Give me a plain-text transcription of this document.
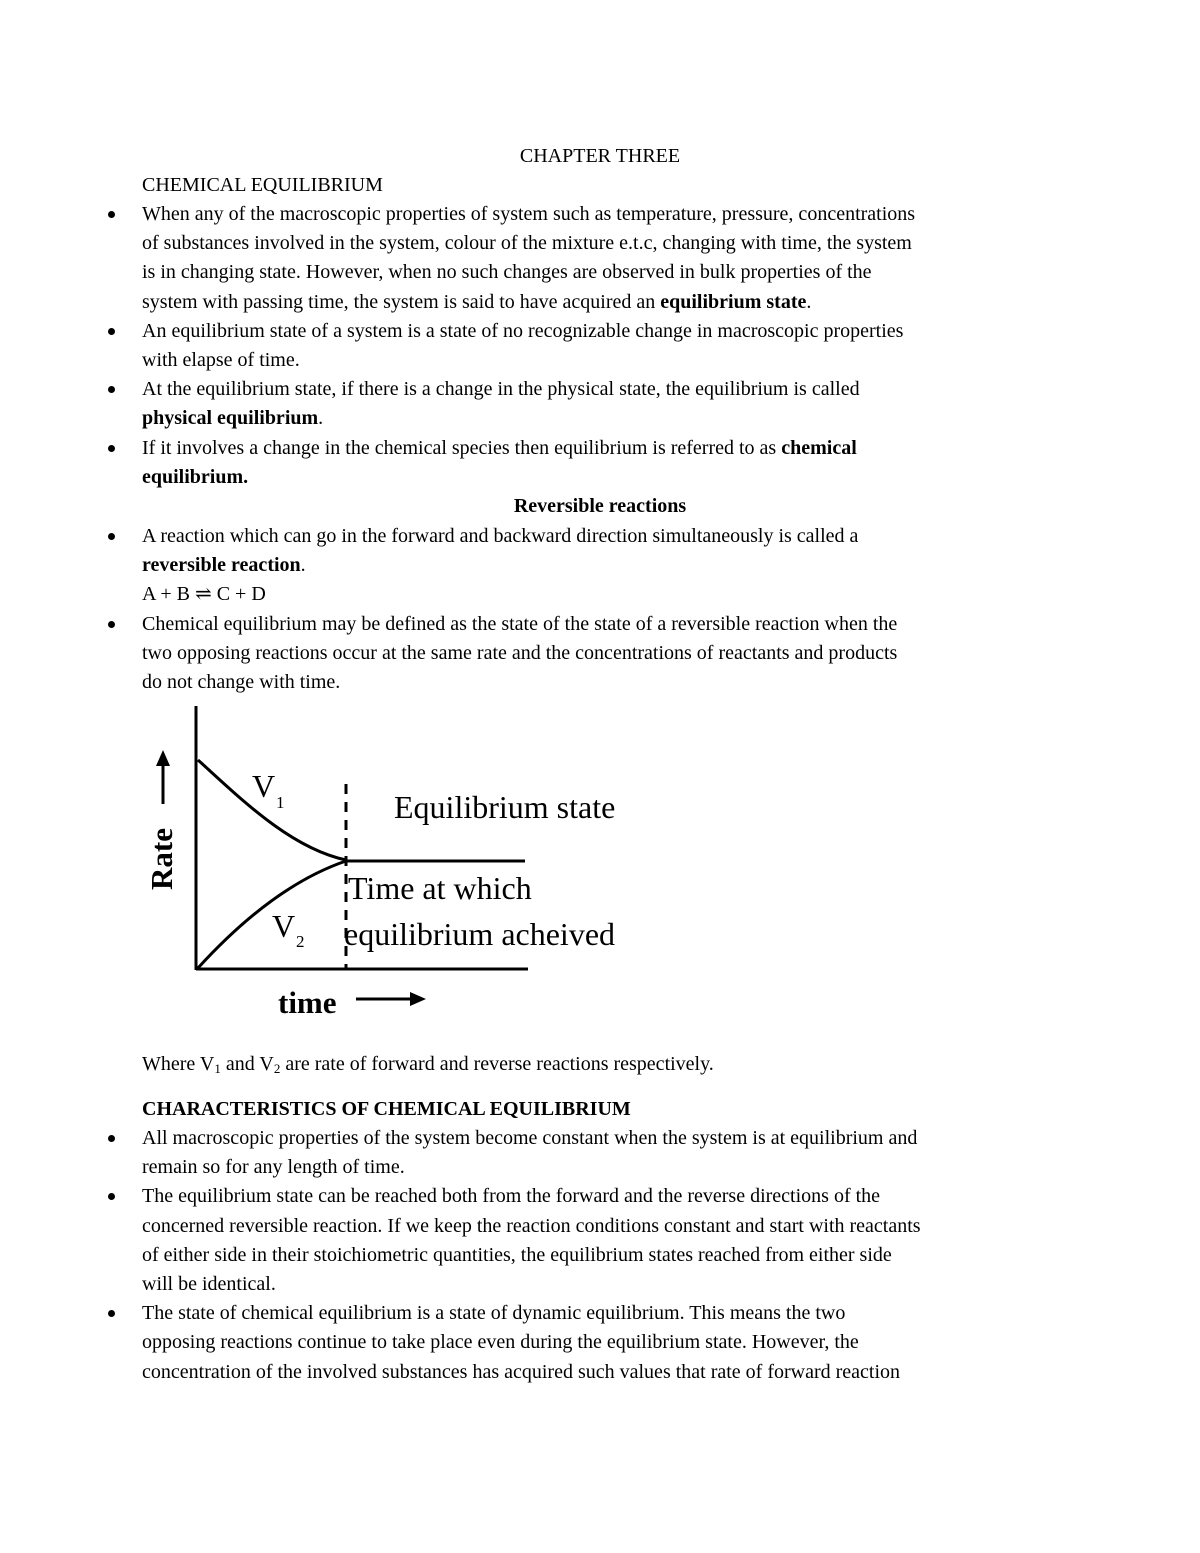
CHAPTER THREE
CHEMICAL EQUILIBRIUM
When any of the macroscopic properties of system such as temperature, pressure, concentrations
of substances involved in the system, colour of the mixture e.t.c, changing with time, the system
is in changing state. However, when no such changes are observed in bulk properties of the
system with passing time, the system is said to have acquired an equilibrium state.
An equilibrium state of a system is a state of no recognizable change in macroscopic properties
with elapse of time.
At the equilibrium state, if there is a change in the physical state, the equilibrium is called
physical equilibrium.
If it involves a change in the chemical species then equilibrium is referred to as chemical
equilibrium.
Reversible reactions
A reaction which can go in the forward and backward direction simultaneously is called a
reversible reaction.
A + B ⇌ C + D
Chemical equilibrium may be defined as the state of the state of a reversible reaction when the
two opposing reactions occur at the same rate and the concentrations of reactants and products
do not change with time.
Rate
time
V 1
V 2
Equilibrium state
Time at which
equilibrium acheived
Where $V_1$ and $V_2$ are rate of forward and reverse reactions respectively.
CHARACTERISTICS OF CHEMICAL EQUILIBRIUM
All macroscopic properties of the system become constant when the system is at equilibrium and
remain so for any length of time.
The equilibrium state can be reached both from the forward and the reverse directions of the
concerned reversible reaction. If we keep the reaction conditions constant and start with reactants
of either side in their stoichiometric quantities, the equilibrium states reached from either side
will be identical.
The state of chemical equilibrium is a state of dynamic equilibrium. This means the two
opposing reactions continue to take place even during the equilibrium state. However, the
concentration of the involved substances has acquired such values that rate of forward reaction
